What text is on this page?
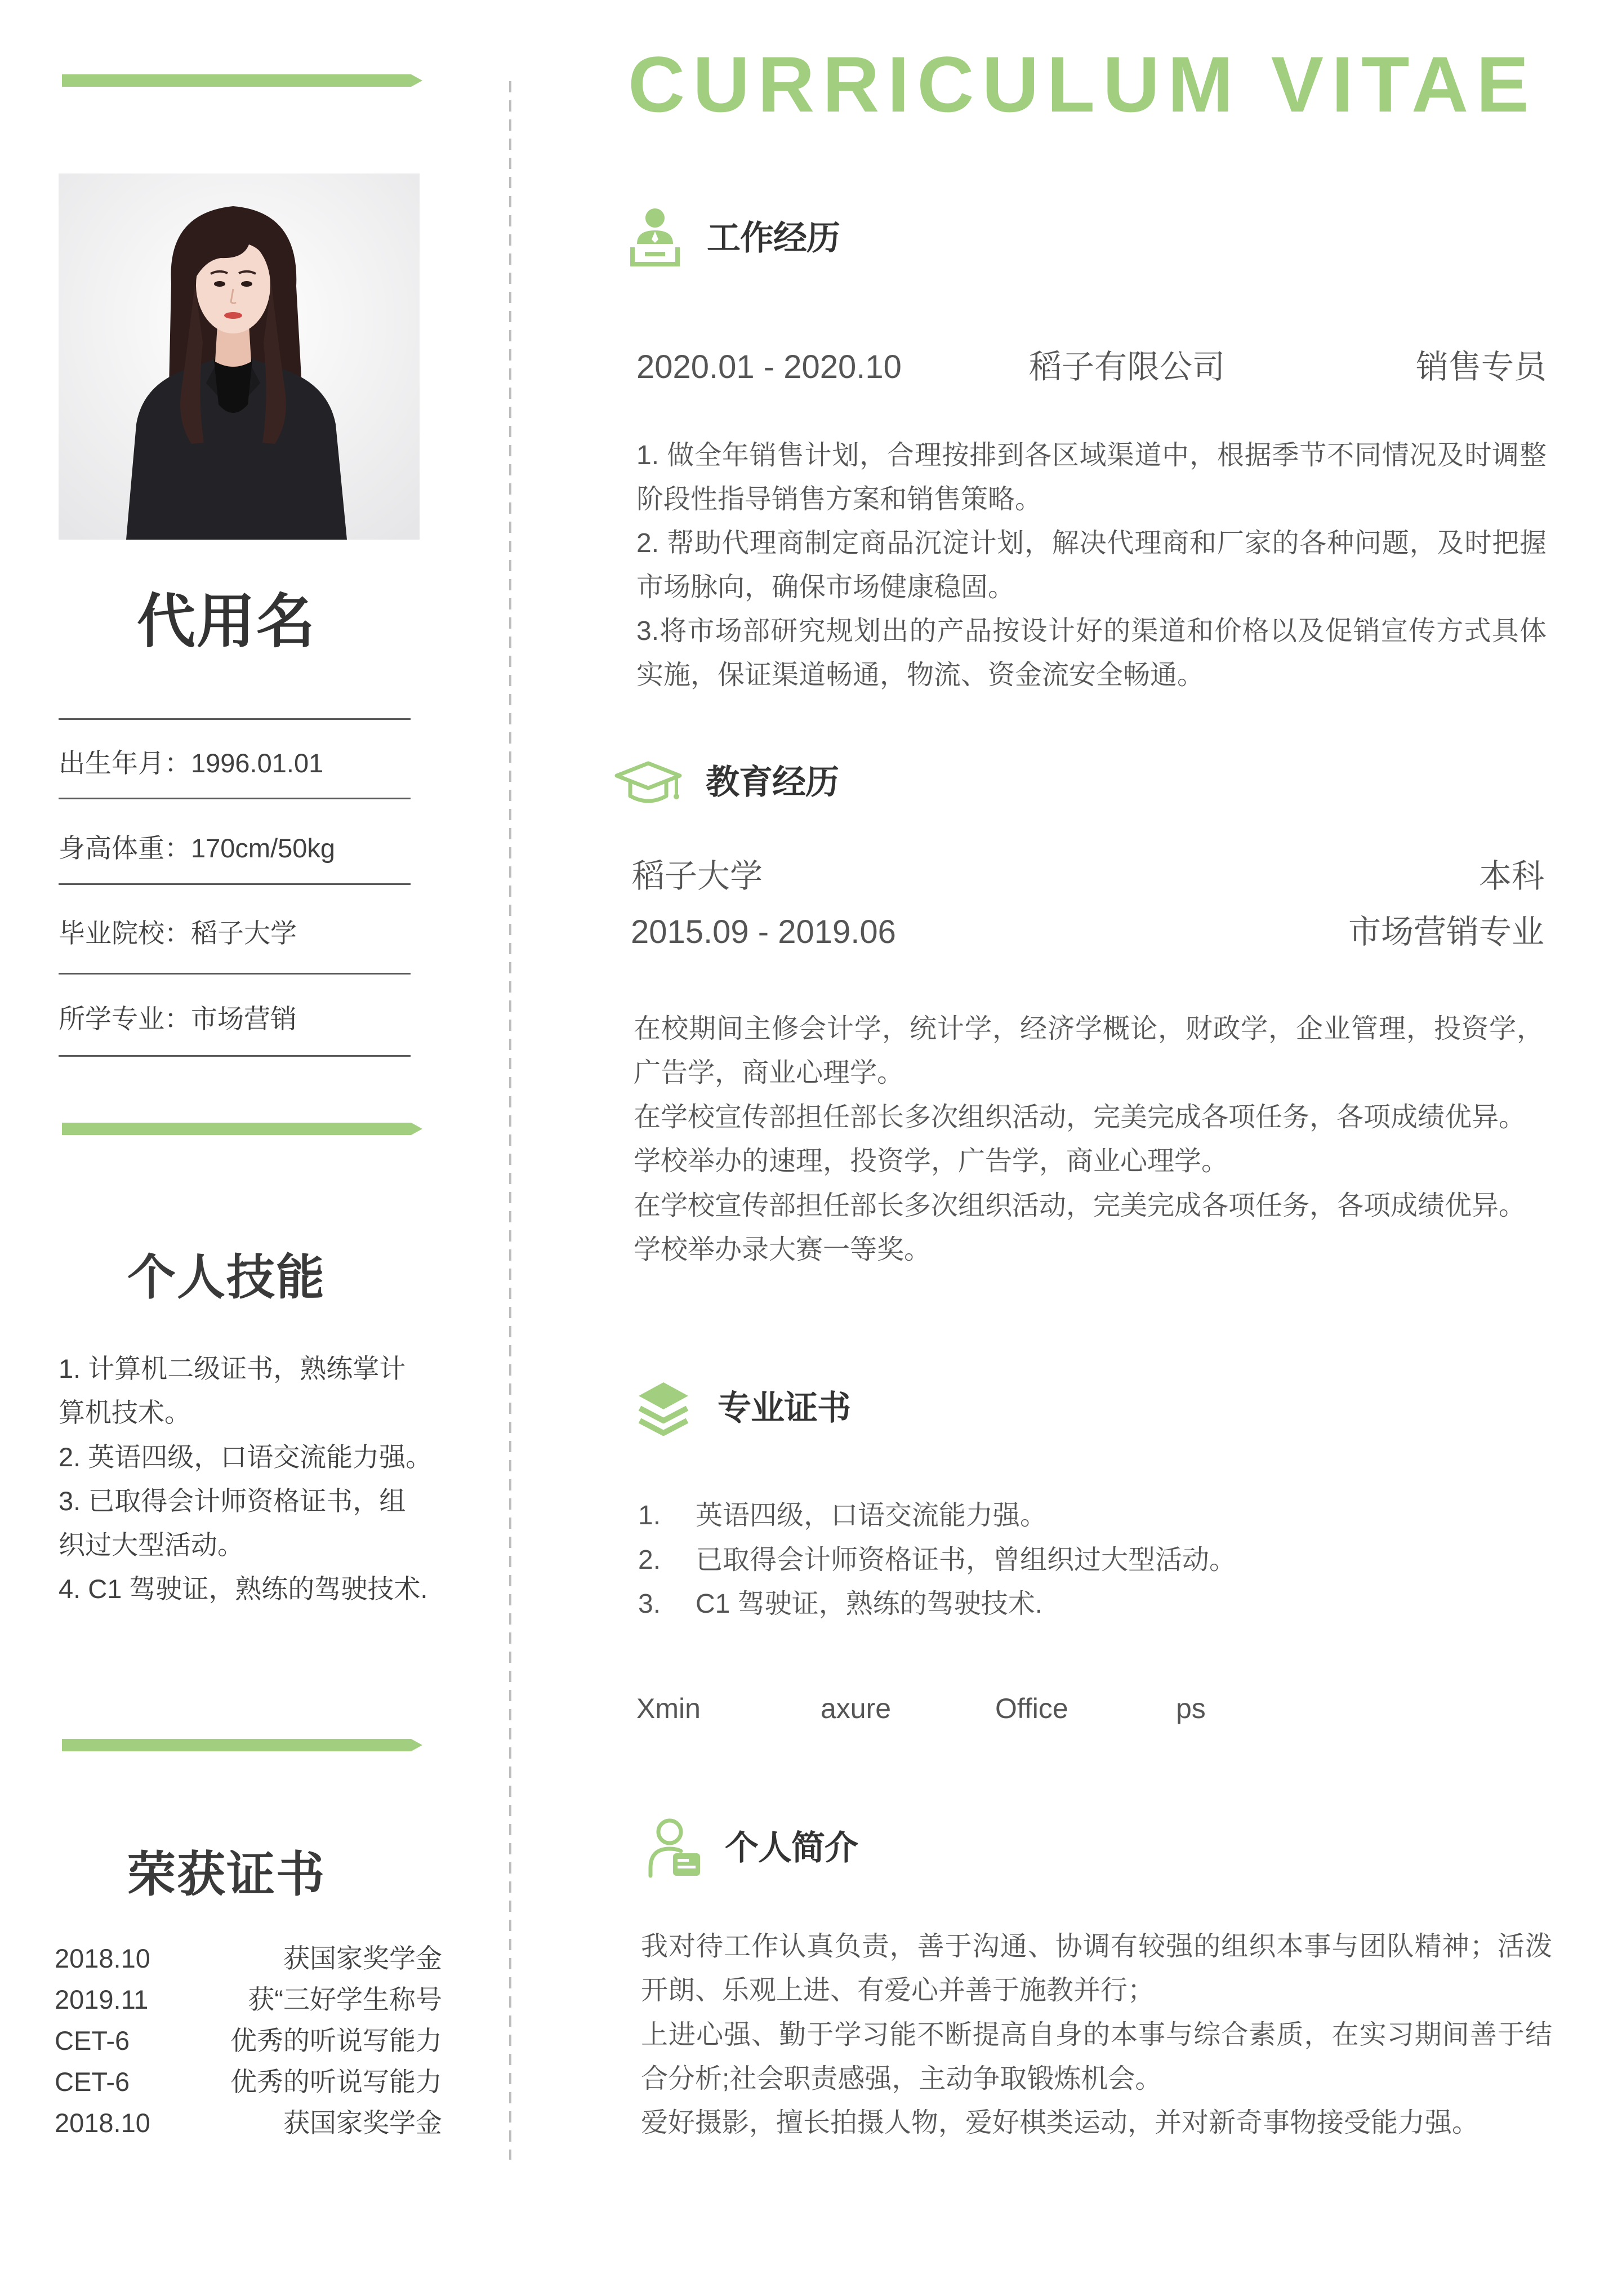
代用名
出生年月：1996.01.01
身高体重：170cm/50kg
毕业院校：稻子大学
所学专业：市场营销
个人技能
1. 计算机二级证书，熟练掌计
算机技术。
2. 英语四级，口语交流能力强。
3. 已取得会计师资格证书，组
织过大型活动。
4. C1 驾驶证，熟练的驾驶技术.
荣获证书
2018.10	获国家奖学金
2019.11	获“三好学生称号
CET-6	优秀的听说写能力
CET-6	优秀的听说写能力
2018.10	获国家奖学金
CURRICULUM VITAE
工作经历
2020.01 - 2020.10	稻子有限公司	销售专员

1. 做全年销售计划，合理按排到各区域渠道中，根据季节不同情况及时调整阶段性指导销售方案和销售策略。

2. 帮助代理商制定商品沉淀计划，解决代理商和厂家的各种问题，及时把握市场脉向，确保市场健康稳固。

3.将市场部研究规划出的产品按设计好的渠道和价格以及促销宣传方式具体实施，保证渠道畅通，物流、资金流安全畅通。

教育经历
稻子大学	本科
2015.09 - 2019.06	市场营销专业

在校期间主修会计学，统计学，经济学概论，财政学，企业管理，投资学，广告学，商业心理学。

在学校宣传部担任部长多次组织活动，完美完成各项任务，各项成绩优异。

学校举办的速理，投资学，广告学，商业心理学。

在学校宣传部担任部长多次组织活动，完美完成各项任务，各项成绩优异。

学校举办录大赛一等奖。

专业证书
1. 英语四级，口语交流能力强。
2. 已取得会计师资格证书，曾组织过大型活动。
3. C1 驾驶证，熟练的驾驶技术.
Xmin	axure	Office	ps
个人简介

我对待工作认真负责，善于沟通、协调有较强的组织本事与团队精神；活泼开朗、乐观上进、有爱心并善于施教并行；

上进心强、勤于学习能不断提高自身的本事与综合素质，在实习期间善于结合分析;社会职责感强，主动争取锻炼机会。

爱好摄影，擅长拍摄人物，爱好棋类运动，并对新奇事物接受能力强。
